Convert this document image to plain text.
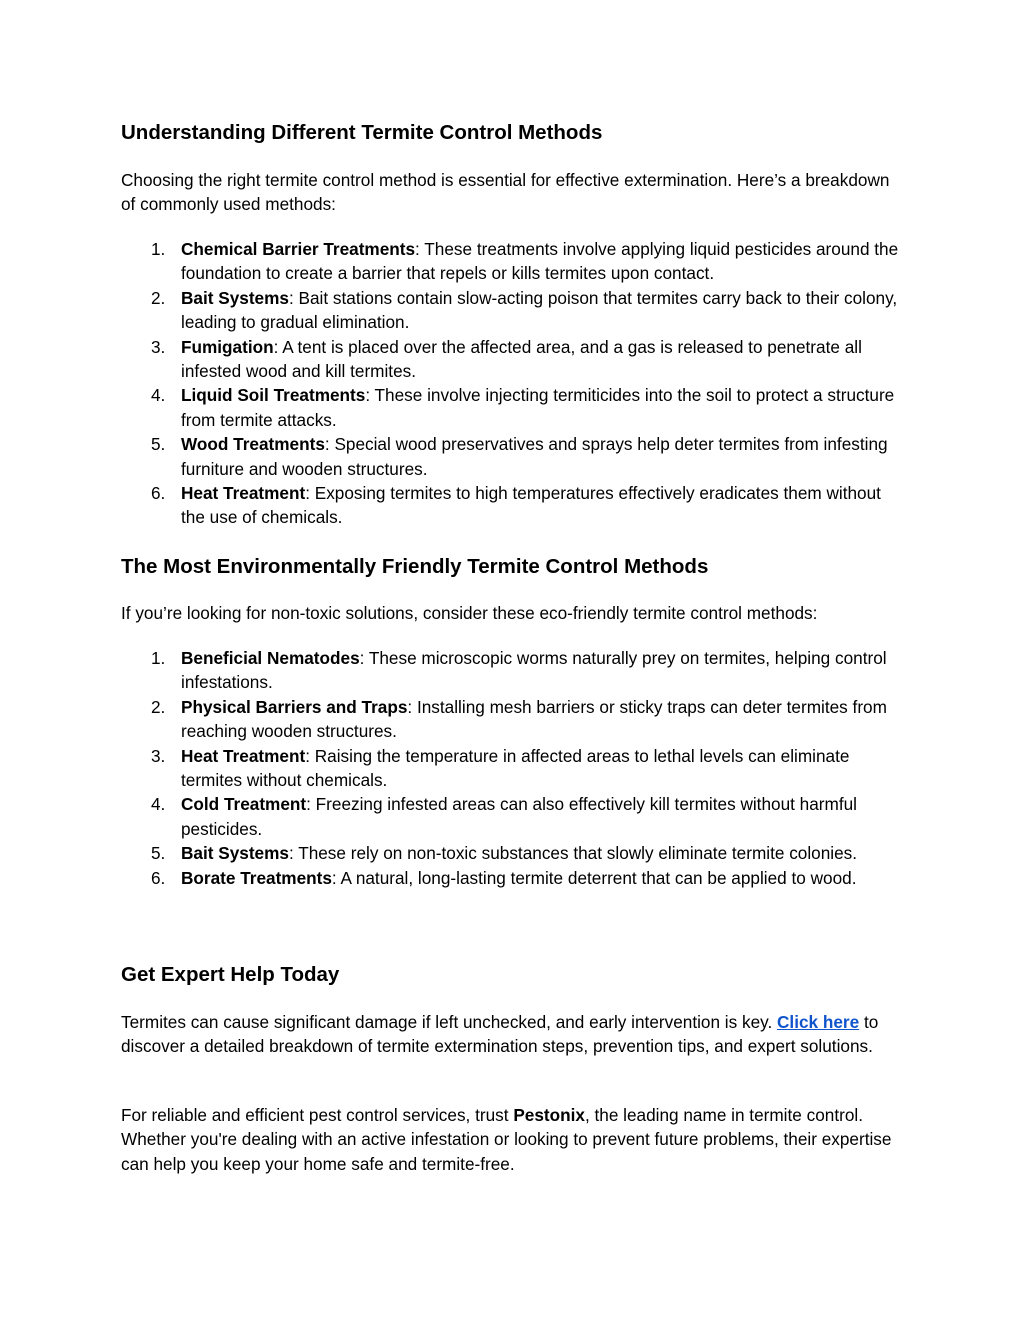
Understanding Different Termite Control Methods

Choosing the right termite control method is essential for effective extermination. Here’s a breakdown of commonly used methods:

1. Chemical Barrier Treatments: These treatments involve applying liquid pesticides around the foundation to create a barrier that repels or kills termites upon contact.
2. Bait Systems: Bait stations contain slow-acting poison that termites carry back to their colony, leading to gradual elimination.
3. Fumigation: A tent is placed over the affected area, and a gas is released to penetrate all infested wood and kill termites.
4. Liquid Soil Treatments: These involve injecting termiticides into the soil to protect a structure from termite attacks.
5. Wood Treatments: Special wood preservatives and sprays help deter termites from infesting furniture and wooden structures.
6. Heat Treatment: Exposing termites to high temperatures effectively eradicates them without the use of chemicals.
The Most Environmentally Friendly Termite Control Methods

If you’re looking for non-toxic solutions, consider these eco-friendly termite control methods:

1. Beneficial Nematodes: These microscopic worms naturally prey on termites, helping control infestations.
2. Physical Barriers and Traps: Installing mesh barriers or sticky traps can deter termites from reaching wooden structures.
3. Heat Treatment: Raising the temperature in affected areas to lethal levels can eliminate termites without chemicals.
4. Cold Treatment: Freezing infested areas can also effectively kill termites without harmful pesticides.
5. Bait Systems: These rely on non-toxic substances that slowly eliminate termite colonies.
6. Borate Treatments: A natural, long-lasting termite deterrent that can be applied to wood.
Get Expert Help Today

Termites can cause significant damage if left unchecked, and early intervention is key. Click here to discover a detailed breakdown of termite extermination steps, prevention tips, and expert solutions.

For reliable and efficient pest control services, trust Pestonix, the leading name in termite control. Whether you're dealing with an active infestation or looking to prevent future problems, their expertise can help you keep your home safe and termite-free.
